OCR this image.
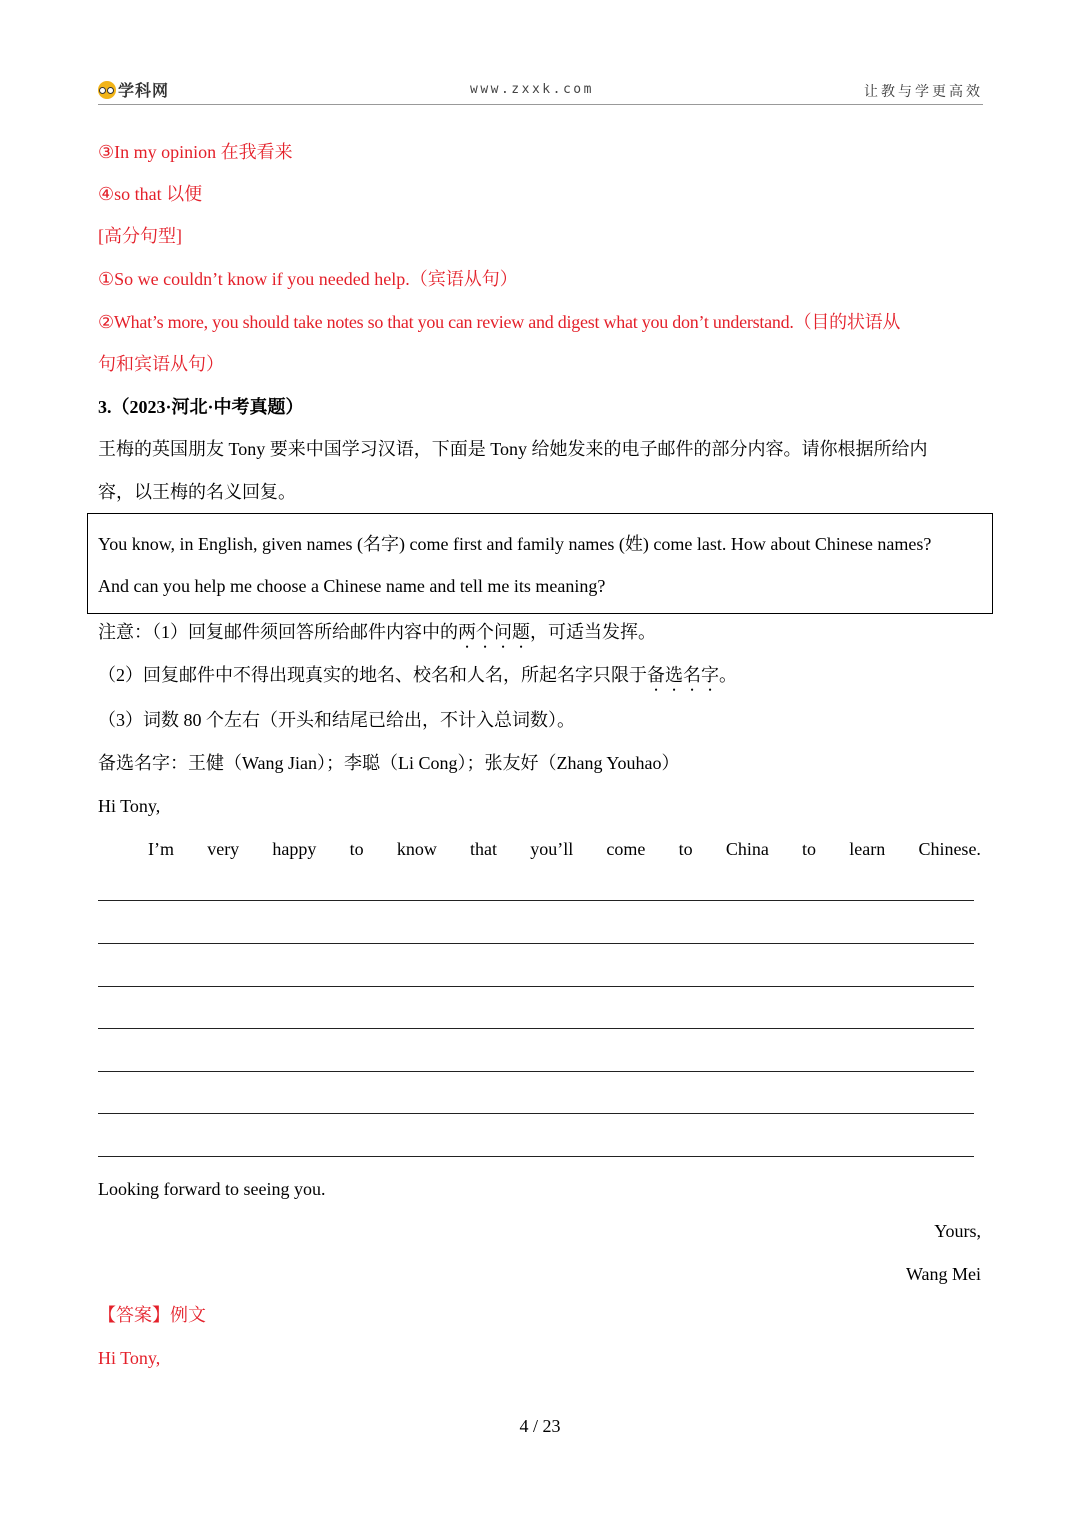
学科网	www.zxxk.com	让教与学更高效
③In my opinion 在我看来
④so that 以便
[高分句型]
①So we couldn’t know if you needed help.（宾语从句）
②What’s more, you should take notes so that you can review and digest what you don’t understand.（目的状语从
句和宾语从句）
3.（2023·河北·中考真题）
王梅的英国朋友 Tony 要来中国学习汉语，下面是 Tony 给她发来的电子邮件的部分内容。请你根据所给内
容，以王梅的名义回复。
You know, in English, given names (名字) come first and family names (姓) come last. How about Chinese names?
And can you help me choose a Chinese name and tell me its meaning?
注意：（1）回复邮件须回答所给邮件内容中的两个问题，可适当发挥。
（2）回复邮件中不得出现真实的地名、校名和人名，所起名字只限于备选名字。
（3）词数 80 个左右（开头和结尾已给出，不计入总词数）。
备选名字：王健（Wang Jian）；李聪（Li Cong）；张友好（Zhang Youhao）
Hi Tony,
I’m very happy to know that you’ll come to China to learn Chinese.
Looking forward to seeing you.
Yours,
Wang Mei
【答案】例文
Hi Tony,
4 / 23
